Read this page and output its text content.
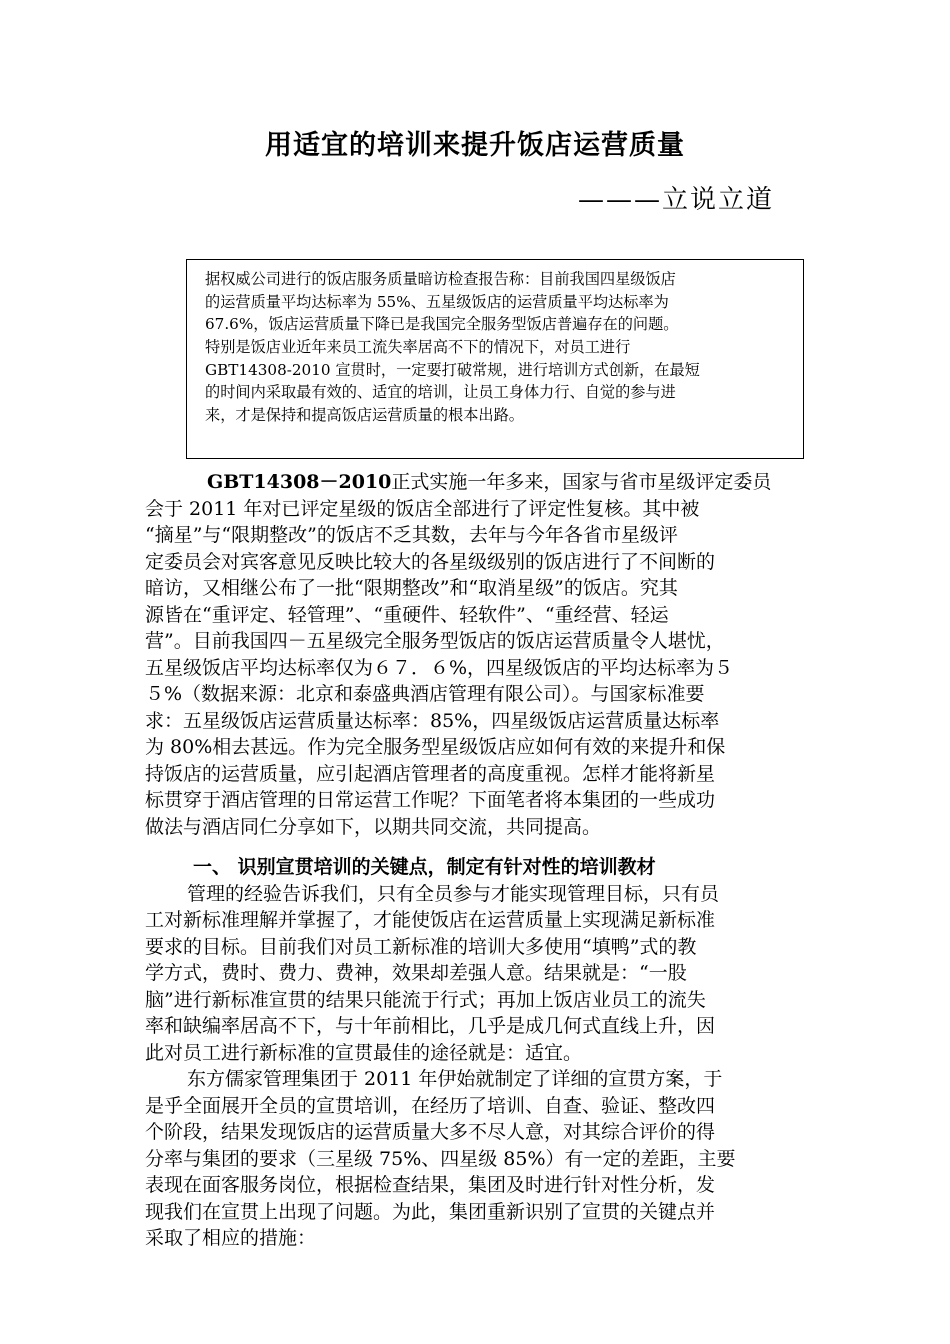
用适宜的培训来提升饭店运营质量
———立说立道
据权威公司进行的饭店服务质量暗访检查报告称：目前我国四星级饭店
的运营质量平均达标率为 55%、五星级饭店的运营质量平均达标率为
67.6%，饭店运营质量下降已是我国完全服务型饭店普遍存在的问题。
特别是饭店业近年来员工流失率居高不下的情况下，对员工进行
GBT14308-2010 宣贯时，一定要打破常规，进行培训方式创新，在最短
的时间内采取最有效的、适宜的培训，让员工身体力行、自觉的参与进
来，才是保持和提高饭店运营质量的根本出路。
GBT14308－2010正式实施一年多来，国家与省市星级评定委员
会于 2011 年对已评定星级的饭店全部进行了评定性复核。其中被
“摘星”与“限期整改”的饭店不乏其数，去年与今年各省市星级评
定委员会对宾客意见反映比较大的各星级级别的饭店进行了不间断的
暗访，又相继公布了一批“限期整改”和“取消星级”的饭店。究其
源皆在“重评定、轻管理”、“重硬件、轻软件”、“重经营、轻运
营”。目前我国四－五星级完全服务型饭店的饭店运营质量令人堪忧，
五星级饭店平均达标率仅为６７．６%，四星级饭店的平均达标率为５
５%（数据来源：北京和泰盛典酒店管理有限公司）。与国家标准要
求：五星级饭店运营质量达标率：85%，四星级饭店运营质量达标率
为 80%相去甚远。作为完全服务型星级饭店应如何有效的来提升和保
持饭店的运营质量，应引起酒店管理者的高度重视。怎样才能将新星
标贯穿于酒店管理的日常运营工作呢？下面笔者将本集团的一些成功
做法与酒店同仁分享如下，以期共同交流，共同提高。
一、 识别宣贯培训的关键点，制定有针对性的培训教材
管理的经验告诉我们，只有全员参与才能实现管理目标，只有员
工对新标准理解并掌握了，才能使饭店在运营质量上实现满足新标准
要求的目标。目前我们对员工新标准的培训大多使用“填鸭”式的教
学方式，费时、费力、费神，效果却差强人意。结果就是：“一股
脑”进行新标准宣贯的结果只能流于行式；再加上饭店业员工的流失
率和缺编率居高不下，与十年前相比，几乎是成几何式直线上升，因
此对员工进行新标准的宣贯最佳的途径就是：适宜。
东方儒家管理集团于 2011 年伊始就制定了详细的宣贯方案，于
是乎全面展开全员的宣贯培训，在经历了培训、自查、验证、整改四
个阶段，结果发现饭店的运营质量大多不尽人意，对其综合评价的得
分率与集团的要求（三星级 75%、四星级 85%）有一定的差距，主要
表现在面客服务岗位，根据检查结果，集团及时进行针对性分析，发
现我们在宣贯上出现了问题。为此，集团重新识别了宣贯的关键点并
采取了相应的措施：
